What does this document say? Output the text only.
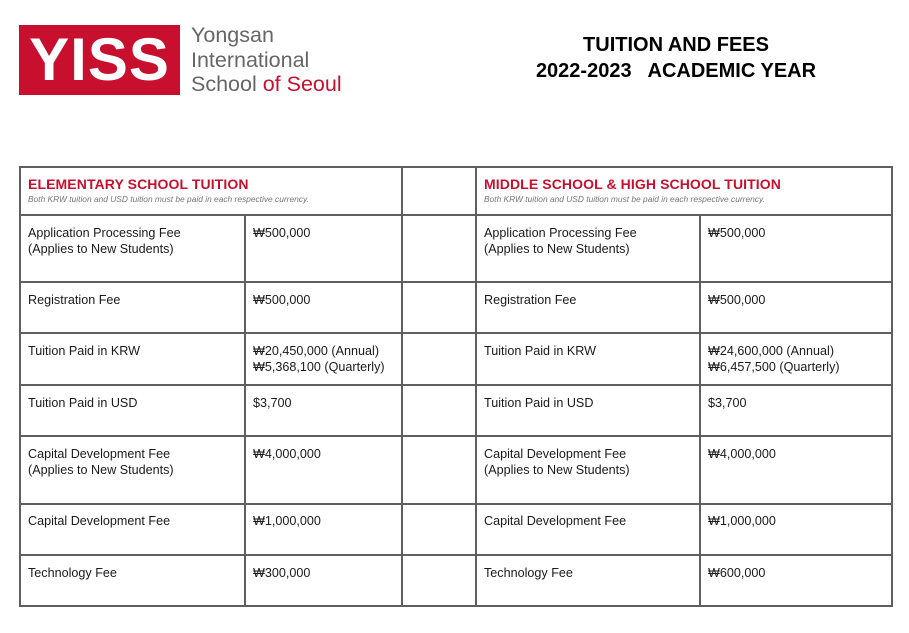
YISS Yongsan
International
School of Seoul
TUITION AND FEES
2022-2023   ACADEMIC YEAR
ELEMENTARY SCHOOL TUITION
Both KRW tuition and USD tuition must be paid in each respective currency.
MIDDLE SCHOOL & HIGH SCHOOL TUITION
Both KRW tuition and USD tuition must be paid in each respective currency.
Application Processing Fee
(Applies to New Students)
₩500,000
Registration Fee	₩500,000
Tuition Paid in KRW	₩20,450,000 (Annual)
₩5,368,100 (Quarterly)
Tuition Paid in USD	$3,700
Capital Development Fee
(Applies to New Students)
₩4,000,000
Capital Development Fee	₩1,000,000
Technology Fee	₩300,000
Application Processing Fee
(Applies to New Students)
₩500,000
Registration Fee	₩500,000
Tuition Paid in KRW	₩24,600,000 (Annual)
₩6,457,500 (Quarterly)
Tuition Paid in USD	$3,700
Capital Development Fee
(Applies to New Students)
₩4,000,000
Capital Development Fee	₩1,000,000
Technology Fee	₩600,000
